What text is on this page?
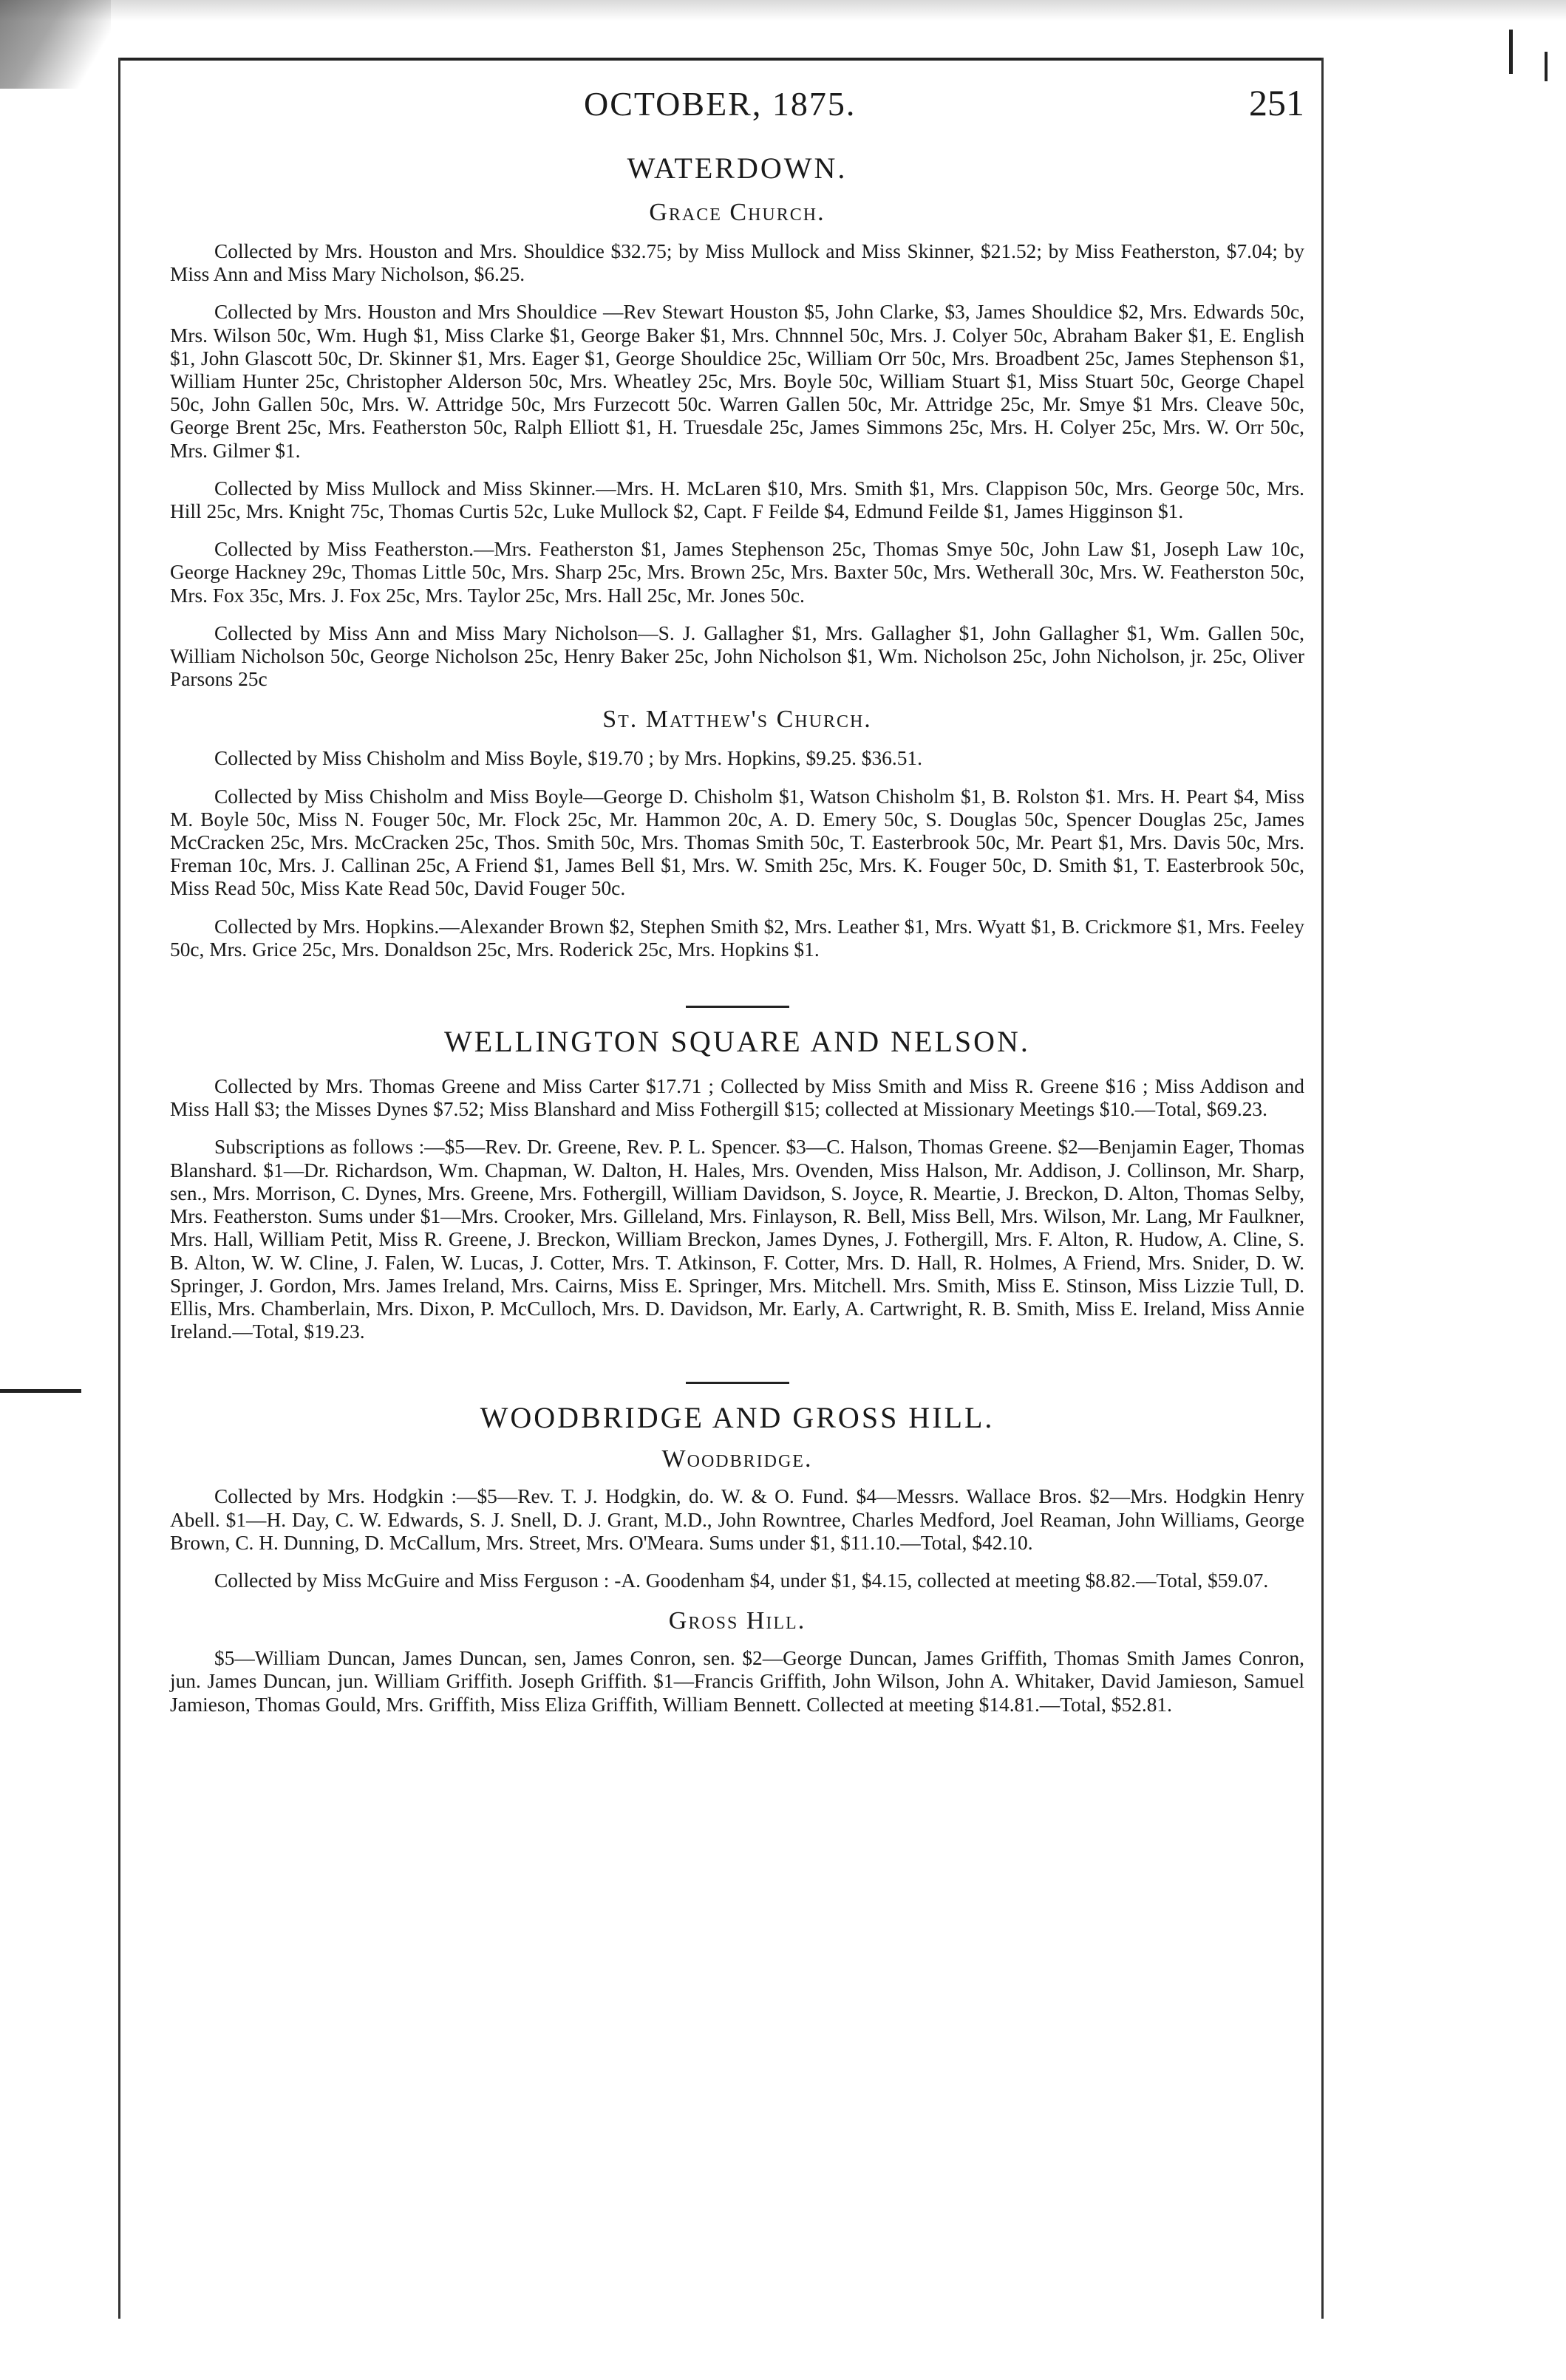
OCTOBER, 1875.	251
WATERDOWN.
Grace Church.

Collected by Mrs. Houston and Mrs. Shouldice $32.75; by Miss Mullock and Miss Skinner, $21.52; by Miss Featherston, $7.04; by Miss Ann and Miss Mary Nicholson, $6.25.

Collected by Mrs. Houston and Mrs Shouldice —Rev Stewart Houston $5, John Clarke, $3, James Shouldice $2, Mrs. Edwards 50c, Mrs. Wilson 50c, Wm. Hugh $1, Miss Clarke $1, George Baker $1, Mrs. Chnnnel 50c, Mrs. J. Colyer 50c, Abraham Baker $1, E. English $1, John Glascott 50c, Dr. Skinner $1, Mrs. Eager $1, George Shouldice 25c, William Orr 50c, Mrs. Broadbent 25c, James Stephenson $1, William Hunter 25c, Christopher Alderson 50c, Mrs. Wheatley 25c, Mrs. Boyle 50c, William Stuart $1, Miss Stuart 50c, George Chapel 50c, John Gallen 50c, Mrs. W. Attridge 50c, Mrs Furzecott 50c. Warren Gallen 50c, Mr. Attridge 25c, Mr. Smye $1 Mrs. Cleave 50c, George Brent 25c, Mrs. Featherston 50c, Ralph Elliott $1, H. Truesdale 25c, James Simmons 25c, Mrs. H. Colyer 25c, Mrs. W. Orr 50c, Mrs. Gilmer $1.

Collected by Miss Mullock and Miss Skinner.—Mrs. H. McLaren $10, Mrs. Smith $1, Mrs. Clappison 50c, Mrs. George 50c, Mrs. Hill 25c, Mrs. Knight 75c, Thomas Curtis 52c, Luke Mullock $2, Capt. F Feilde $4, Edmund Feilde $1, James Higginson $1.

Collected by Miss Featherston.—Mrs. Featherston $1, James Stephenson 25c, Thomas Smye 50c, John Law $1, Joseph Law 10c, George Hackney 29c, Thomas Little 50c, Mrs. Sharp 25c, Mrs. Brown 25c, Mrs. Baxter 50c, Mrs. Wetherall 30c, Mrs. W. Featherston 50c, Mrs. Fox 35c, Mrs. J. Fox 25c, Mrs. Taylor 25c, Mrs. Hall 25c, Mr. Jones 50c.

Collected by Miss Ann and Miss Mary Nicholson—S. J. Gallagher $1, Mrs. Gallagher $1, John Gallagher $1, Wm. Gallen 50c, William Nicholson 50c, George Nicholson 25c, Henry Baker 25c, John Nicholson $1, Wm. Nicholson 25c, John Nicholson, jr. 25c, Oliver Parsons 25c

St. Matthew's Church.

Collected by Miss Chisholm and Miss Boyle, $19.70 ; by Mrs. Hopkins, $9.25. $36.51.

Collected by Miss Chisholm and Miss Boyle—George D. Chisholm $1, Watson Chisholm $1, B. Rolston $1. Mrs. H. Peart $4, Miss M. Boyle 50c, Miss N. Fouger 50c, Mr. Flock 25c, Mr. Hammon 20c, A. D. Emery 50c, S. Douglas 50c, Spencer Douglas 25c, James McCracken 25c, Mrs. McCracken 25c, Thos. Smith 50c, Mrs. Thomas Smith 50c, T. Easterbrook 50c, Mr. Peart $1, Mrs. Davis 50c, Mrs. Freman 10c, Mrs. J. Callinan 25c, A Friend $1, James Bell $1, Mrs. W. Smith 25c, Mrs. K. Fouger 50c, D. Smith $1, T. Easterbrook 50c, Miss Read 50c, Miss Kate Read 50c, David Fouger 50c.

Collected by Mrs. Hopkins.—Alexander Brown $2, Stephen Smith $2, Mrs. Leather $1, Mrs. Wyatt $1, B. Crickmore $1, Mrs. Feeley 50c, Mrs. Grice 25c, Mrs. Donaldson 25c, Mrs. Roderick 25c, Mrs. Hopkins $1.

WELLINGTON SQUARE AND NELSON.

Collected by Mrs. Thomas Greene and Miss Carter $17.71 ; Collected by Miss Smith and Miss R. Greene $16 ; Miss Addison and Miss Hall $3; the Misses Dynes $7.52; Miss Blanshard and Miss Fothergill $15; collected at Missionary Meetings $10.—Total, $69.23.

Subscriptions as follows :—$5—Rev. Dr. Greene, Rev. P. L. Spencer. $3—C. Halson, Thomas Greene. $2—Benjamin Eager, Thomas Blanshard. $1—Dr. Richardson, Wm. Chapman, W. Dalton, H. Hales, Mrs. Ovenden, Miss Halson, Mr. Addison, J. Collinson, Mr. Sharp, sen., Mrs. Morrison, C. Dynes, Mrs. Greene, Mrs. Fothergill, William Davidson, S. Joyce, R. Meartie, J. Breckon, D. Alton, Thomas Selby, Mrs. Featherston. Sums under $1—Mrs. Crooker, Mrs. Gilleland, Mrs. Finlayson, R. Bell, Miss Bell, Mrs. Wilson, Mr. Lang, Mr Faulkner, Mrs. Hall, William Petit, Miss R. Greene, J. Breckon, William Breckon, James Dynes, J. Fothergill, Mrs. F. Alton, R. Hudow, A. Cline, S. B. Alton, W. W. Cline, J. Falen, W. Lucas, J. Cotter, Mrs. T. Atkinson, F. Cotter, Mrs. D. Hall, R. Holmes, A Friend, Mrs. Snider, D. W. Springer, J. Gordon, Mrs. James Ireland, Mrs. Cairns, Miss E. Springer, Mrs. Mitchell. Mrs. Smith, Miss E. Stinson, Miss Lizzie Tull, D. Ellis, Mrs. Chamberlain, Mrs. Dixon, P. McCulloch, Mrs. D. Davidson, Mr. Early, A. Cartwright, R. B. Smith, Miss E. Ireland, Miss Annie Ireland.—Total, $19.23.

WOODBRIDGE AND GROSS HILL.
Woodbridge.

Collected by Mrs. Hodgkin :—$5—Rev. T. J. Hodgkin, do. W. & O. Fund. $4—Messrs. Wallace Bros. $2—Mrs. Hodgkin Henry Abell. $1—H. Day, C. W. Edwards, S. J. Snell, D. J. Grant, M.D., John Rowntree, Charles Medford, Joel Reaman, John Williams, George Brown, C. H. Dunning, D. McCallum, Mrs. Street, Mrs. O'Meara. Sums under $1, $11.10.—Total, $42.10.

Collected by Miss McGuire and Miss Ferguson : -A. Goodenham $4, under $1, $4.15, collected at meeting $8.82.—Total, $59.07.

Gross Hill.

$5—William Duncan, James Duncan, sen, James Conron, sen. $2—George Duncan, James Griffith, Thomas Smith James Conron, jun. James Duncan, jun. William Griffith. Joseph Griffith. $1—Francis Griffith, John Wilson, John A. Whitaker, David Jamieson, Samuel Jamieson, Thomas Gould, Mrs. Griffith, Miss Eliza Griffith, William Bennett. Collected at meeting $14.81.—Total, $52.81.
